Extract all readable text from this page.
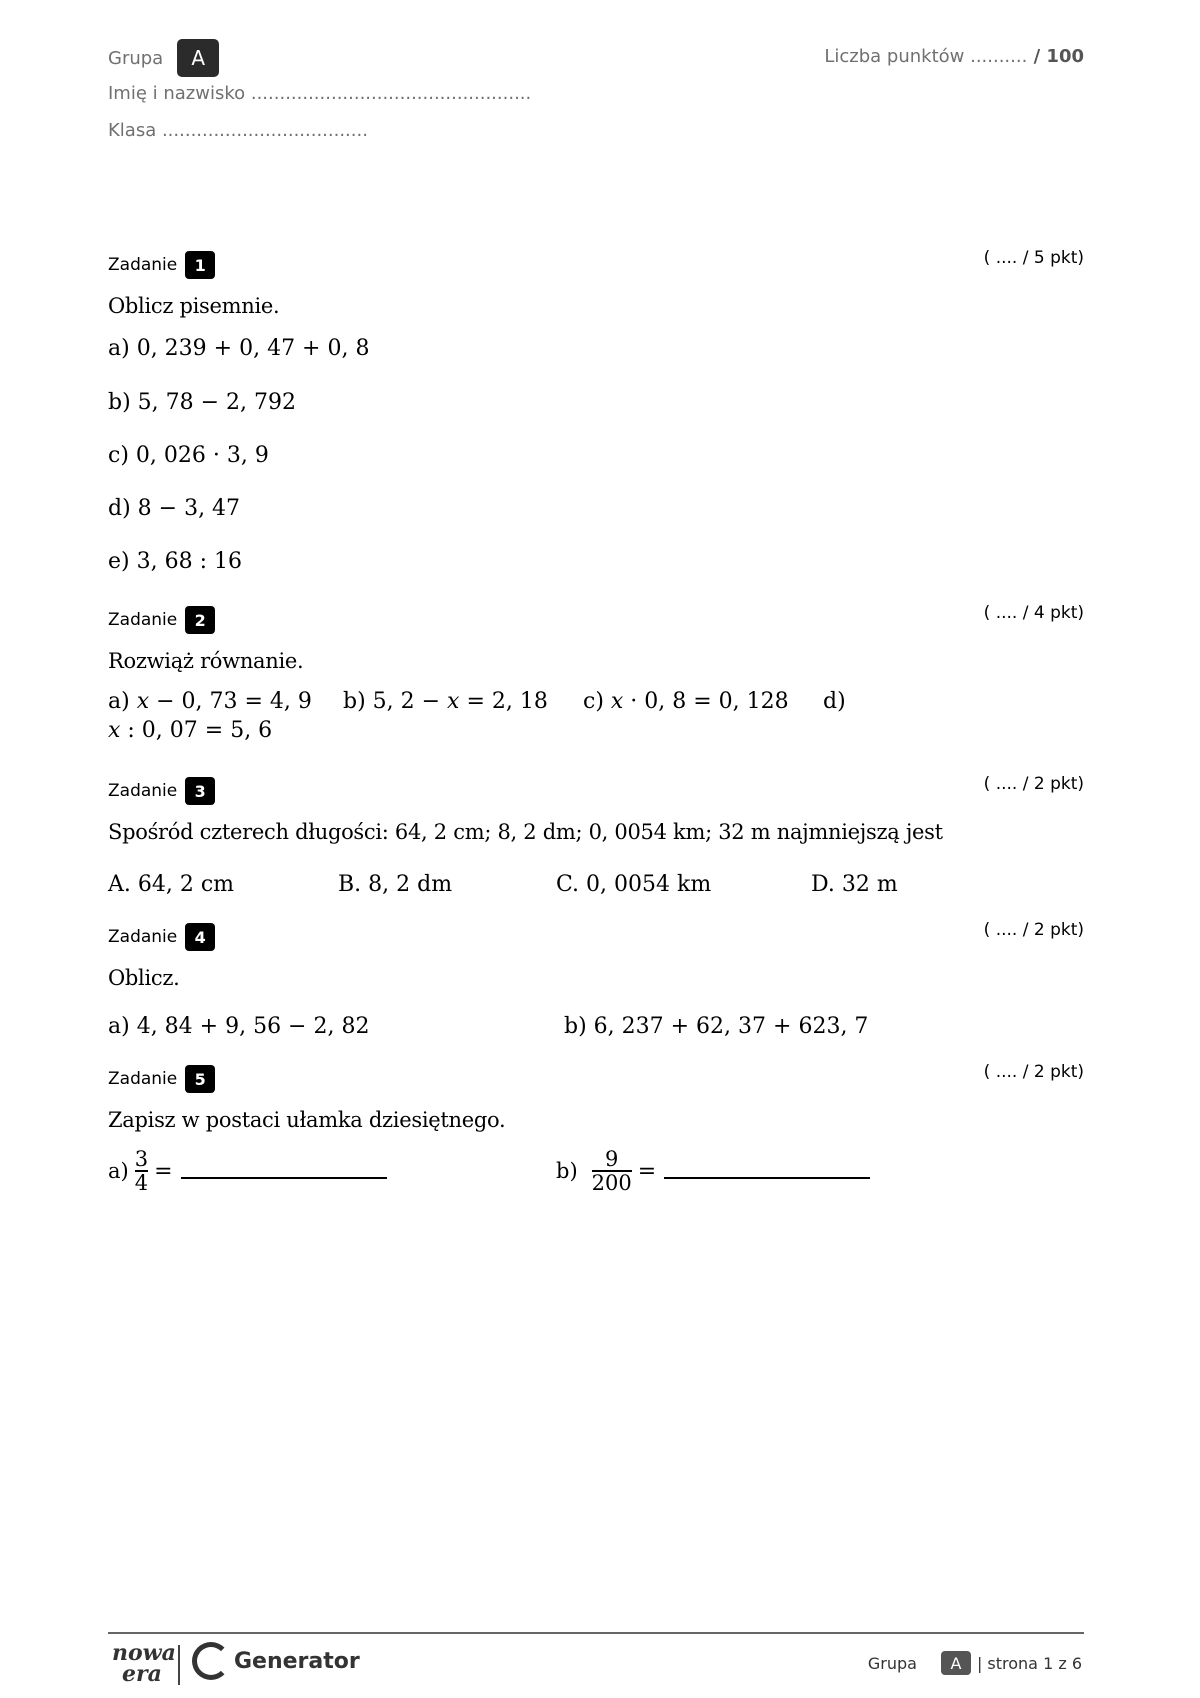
Grupa	A
Imię i nazwisko .................................................
Klasa ....................................
Liczba punktów .......... / 100
Zadanie	1	( .... / 5 pkt)
Oblicz pisemnie.
a) 0, 239 + 0, 47 + 0, 8
b) 5, 78 − 2, 792
c) 0, 026 · 3, 9
d) 8 − 3, 47
e) 3, 68 : 16
Zadanie	2	( .... / 4 pkt)
Rozwiąż równanie.
a) 𝑥 − 0, 73 = 4, 9 b) 5, 2 − 𝑥 = 2, 18 c) 𝑥 · 0, 8 = 0, 128 d)
𝑥 : 0, 07 = 5, 6
Zadanie	3	( .... / 2 pkt)
Spośród czterech długości: 64, 2 cm; 8, 2 dm; 0, 0054 km; 32 m najmniejszą jest
A. 64, 2 cm	B. 8, 2 dm	C. 0, 0054 km	D. 32 m
Zadanie	4	( .... / 2 pkt)
Oblicz.
a) 4, 84 + 9, 56 − 2, 82	b) 6, 237 + 62, 37 + 623, 7
Zadanie	5	( .... / 2 pkt)
Zapisz w postaci ułamka dziesiętnego.
$a) \frac{3}{4}$ =	$b) \frac{9}{200}$ =
nowa
era	Generator	Grupa	A | strona 1 z 6
